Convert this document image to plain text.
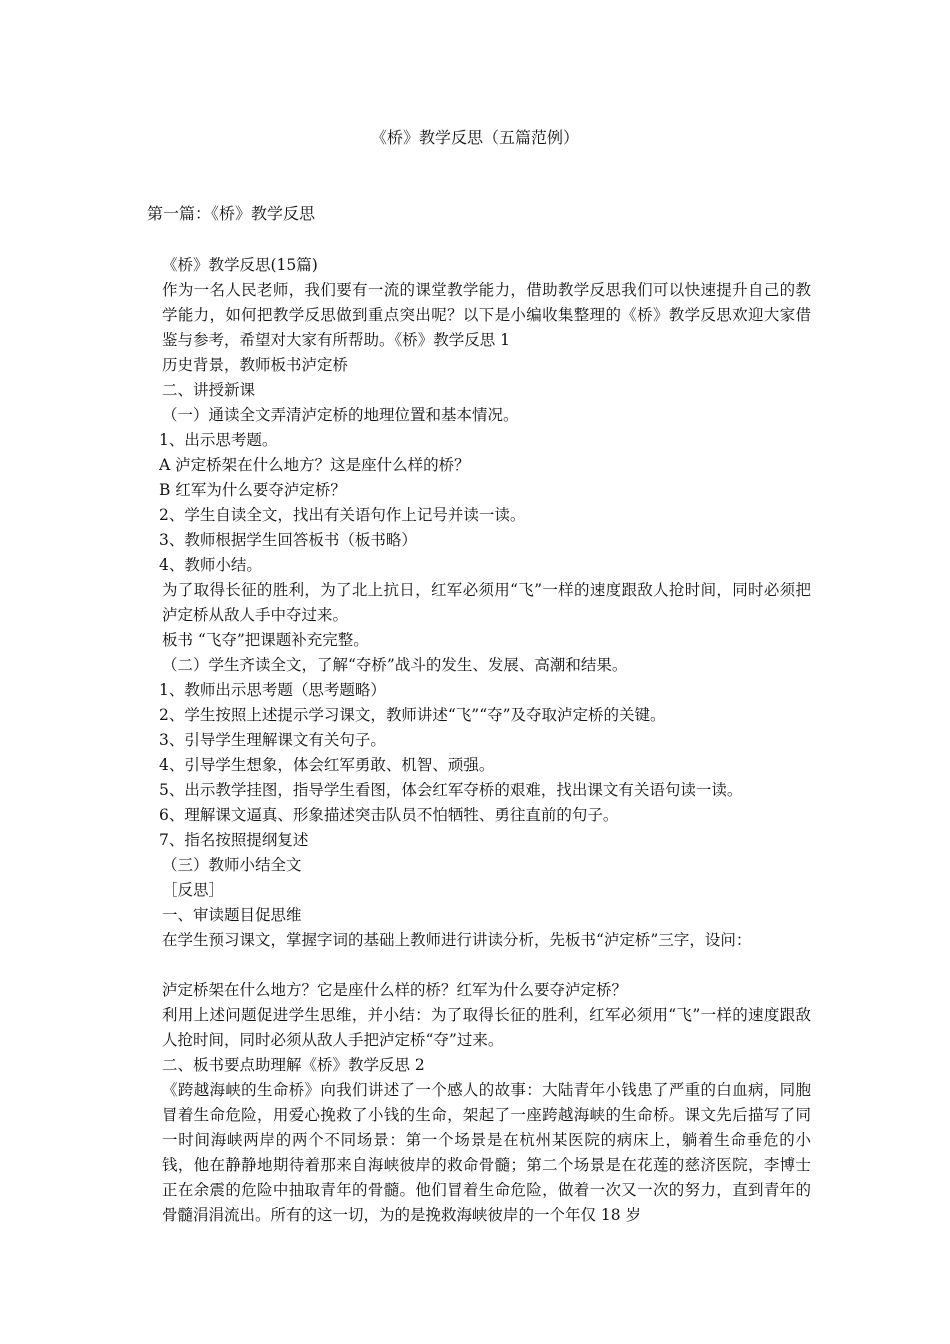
《桥》教学反思（五篇范例）
第一篇：《桥》教学反思

《桥》教学反思(15篇)

作为一名人民老师，我们要有一流的课堂教学能力，借助教学反思我们可以快速提升自己的教学能力，如何把教学反思做到重点突出呢？以下是小编收集整理的《桥》教学反思欢迎大家借鉴与参考，希望对大家有所帮助。《桥》教学反思 1

历史背景，教师板书泸定桥

二、讲授新课

（一）通读全文弄清泸定桥的地理位置和基本情况。

1、出示思考题。

A 泸定桥架在什么地方？这是座什么样的桥？

B 红军为什么要夺泸定桥？

2、学生自读全文，找出有关语句作上记号并读一读。

3、教师根据学生回答板书（板书略）

4、教师小结。

为了取得长征的胜利，为了北上抗日，红军必须用“飞”一样的速度跟敌人抢时间，同时必须把泸定桥从敌人手中夺过来。

板书 “飞夺”把课题补充完整。

（二）学生齐读全文，了解“夺桥”战斗的发生、发展、高潮和结果。

1、教师出示思考题（思考题略）

2、学生按照上述提示学习课文，教师讲述“飞”“夺”及夺取泸定桥的关键。

3、引导学生理解课文有关句子。

4、引导学生想象，体会红军勇敢、机智、顽强。

5、出示教学挂图，指导学生看图，体会红军夺桥的艰难，找出课文有关语句读一读。

6、理解课文逼真、形象描述突击队员不怕牺牲、勇往直前的句子。

7、指名按照提纲复述

（三）教师小结全文

［反思］

一、审读题目促思维

在学生预习课文，掌握字词的基础上教师进行讲读分析，先板书“泸定桥”三字，设问：

泸定桥架在什么地方？它是座什么样的桥？红军为什么要夺泸定桥？

利用上述问题促进学生思维，并小结：为了取得长征的胜利，红军必须用“飞”一样的速度跟敌人抢时间，同时必须从敌人手把泸定桥“夺”过来。

二、板书要点助理解《桥》教学反思 2

《跨越海峡的生命桥》向我们讲述了一个感人的故事：大陆青年小钱患了严重的白血病，同胞冒着生命危险，用爱心挽救了小钱的生命，架起了一座跨越海峡的生命桥。课文先后描写了同一时间海峡两岸的两个不同场景：第一个场景是在杭州某医院的病床上，躺着生命垂危的小钱，他在静静地期待着那来自海峡彼岸的救命骨髓；第二个场景是在花莲的慈济医院，李博士正在余震的危险中抽取青年的骨髓。他们冒着生命危险，做着一次又一次的努力，直到青年的骨髓涓涓流出。所有的这一切，为的是挽救海峡彼岸的一个年仅 18 岁
